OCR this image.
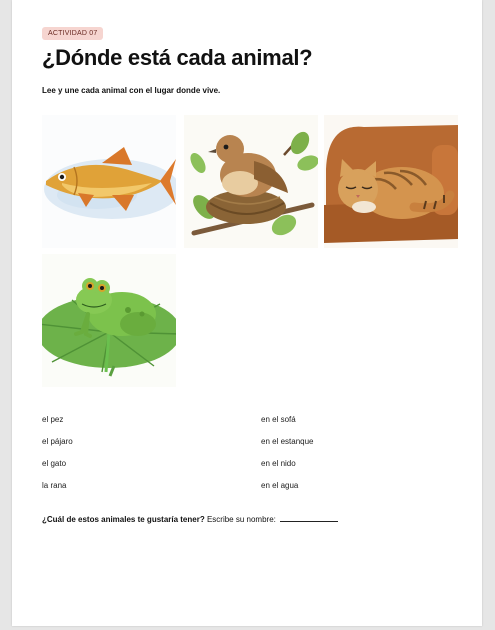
ACTIVIDAD 07
¿Dónde está cada animal?
Lee y une cada animal con el lugar donde vive.
el pez
el pájaro
el gato
la rana
en el sofá
en el estanque
en el nido
en el agua
¿Cuál de estos animales te gustaría tener? Escribe su nombre:
